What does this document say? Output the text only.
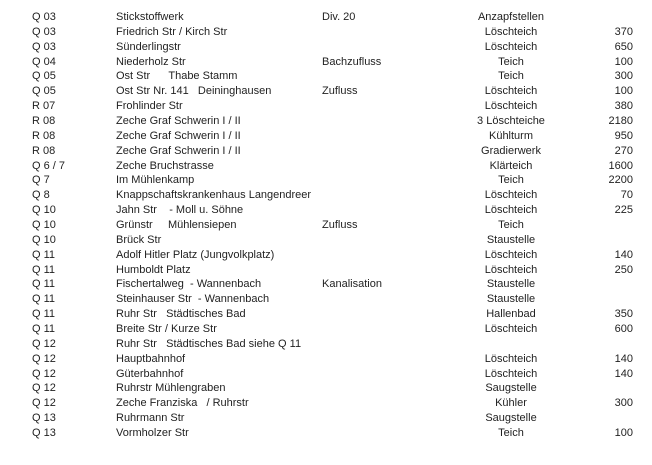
Q 03	Stickstoffwerk	Div. 20	Anzapfstellen
Q 03	Friedrich Str / Kirch Str	Löschteich	370
Q 03	Sünderlingstr	Löschteich	650
Q 04	Niederholz Str	Bachzufluss	Teich	100
Q 05	Ost Str      Thabe Stamm	Teich	300
Q 05	Ost Str Nr. 141   Deininghausen	Zufluss	Löschteich	100
R 07	Frohlinder Str	Löschteich	380
R 08	Zeche Graf Schwerin I / II	3 Löschteiche	2180
R 08	Zeche Graf Schwerin I / II	Kühlturm	950
R 08	Zeche Graf Schwerin I / II	Gradierwerk	270
Q 6 / 7	Zeche Bruchstrasse	Klärteich	1600
Q 7	Im Mühlenkamp	Teich	2200
Q 8	Knappschaftskrankenhaus Langendreer	Löschteich	70
Q 10	Jahn Str    - Moll u. Söhne	Löschteich	225
Q 10	Grünstr     Mühlensiepen	Zufluss	Teich
Q 10	Brück Str	Staustelle
Q 11	Adolf Hitler Platz (Jungvolkplatz)	Löschteich	140
Q 11	Humboldt Platz	Löschteich	250
Q 11	Fischertalweg  - Wannenbach	Kanalisation	Staustelle
Q 11	Steinhauser Str  - Wannenbach	Staustelle
Q 11	Ruhr Str   Städtisches Bad	Hallenbad	350
Q 11	Breite Str / Kurze Str	Löschteich	600
Q 12	Ruhr Str   Städtisches Bad siehe Q 11
Q 12	Hauptbahnhof	Löschteich	140
Q 12	Güterbahnhof	Löschteich	140
Q 12	Ruhrstr Mühlengraben	Saugstelle
Q 12	Zeche Franziska   / Ruhrstr	Kühler	300
Q 13	Ruhrmann Str	Saugstelle
Q 13	Vormholzer Str	Teich	100
